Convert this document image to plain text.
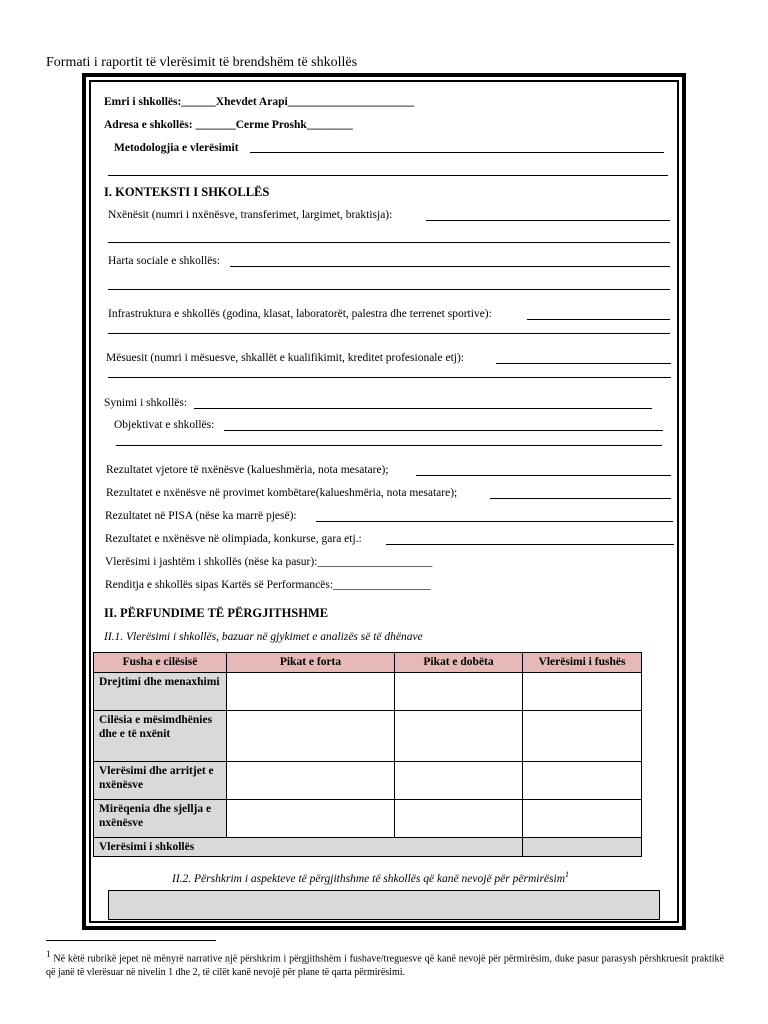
Formati i raportit të vlerësimit të brendshëm të shkollës
Emri i shkollës:______Xhevdet Arapi______________________
Adresa e shkollës: _______Cerme Proshk________
Metodologjia e vlerësimit
I. KONTEKSTI I SHKOLLËS
Nxënësit (numri i nxënësve, transferimet, largimet, braktisja):
Harta sociale e shkollës:
Infrastruktura e shkollës (godina, klasat, laboratorët, palestra dhe terrenet sportive):
Mësuesit (numri i mësuesve, shkallët e kualifikimit, kreditet profesionale etj):
Synimi i shkollës:
Objektivat e shkollës:
Rezultatet vjetore të nxënësve (kalueshmëria, nota mesatare);
Rezultatet e nxënësve në provimet kombëtare(kalueshmëria, nota mesatare);
Rezultatet në PISA (nëse ka marrë pjesë):
Rezultatet e nxënësve në olimpiada, konkurse, gara etj.:
Vlerësimi i jashtëm i shkollës (nëse ka pasur):____________________
Renditja e shkollës sipas Kartës së Performancës:_________________
II. PËRFUNDIME TË PËRGJITHSHME
II.1. Vlerësimi i shkollës, bazuar në gjykimet e analizës së të dhënave
Fusha e cilësisë	Pikat e forta	Pikat e dobëta	Vlerësimi i fushës
Drejtimi dhe menaxhimi			
Cilësia e mësimdhënies dhe e të nxënit			
Vlerësimi dhe arritjet e nxënësve			
Mirëqenia dhe sjellja e nxënësve			
Vlerësimi i shkollës			
II.2. Përshkrim i aspekteve të përgjithshme të shkollës që kanë nevojë për përmirësim$^1$
$^1$ Në këtë rubrikë jepet në mënyrë narrative një përshkrim i përgjithshëm i fushave/treguesve që kanë nevojë për përmirësim, duke pasur parasysh përshkruesit praktikë që janë të vlerësuar në nivelin 1 dhe 2, të cilët kanë nevojë për plane të qarta përmirësimi.
